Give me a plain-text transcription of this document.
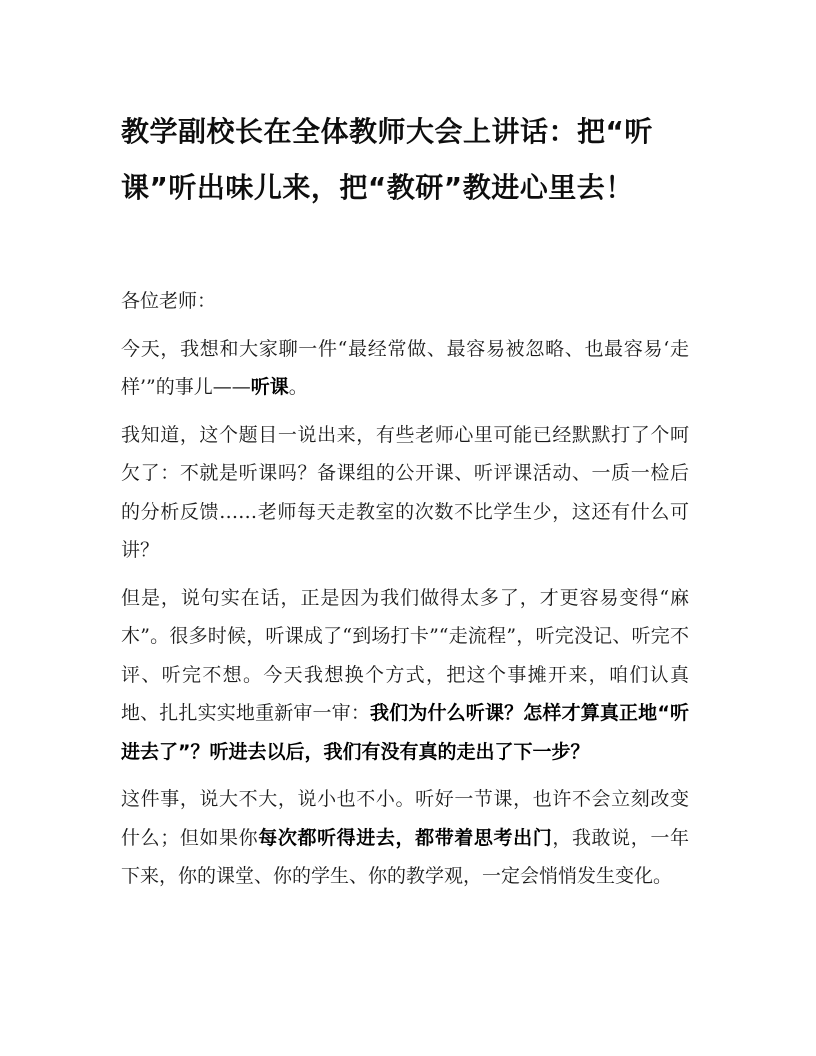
教学副校长在全体教师大会上讲话：把“听课”听出味儿来，把“教研”教进心里去！

各位老师：

今天，我想和大家聊一件“最经常做、最容易被忽略、也最容易‘走样’”的事儿——听课。

我知道，这个题目一说出来，有些老师心里可能已经默默打了个呵欠了：不就是听课吗？备课组的公开课、听评课活动、一质一检后的分析反馈……老师每天走教室的次数不比学生少，这还有什么可讲？

但是，说句实在话，正是因为我们做得太多了，才更容易变得“麻木”。很多时候，听课成了“到场打卡”“走流程”，听完没记、听完不评、听完不想。今天我想换个方式，把这个事摊开来，咱们认真地、扎扎实实地重新审一审：我们为什么听课？怎样才算真正地“听进去了”？听进去以后，我们有没有真的走出了下一步？

这件事，说大不大，说小也不小。听好一节课，也许不会立刻改变什么；但如果你每次都听得进去，都带着思考出门，我敢说，一年下来，你的课堂、你的学生、你的教学观，一定会悄悄发生变化。
